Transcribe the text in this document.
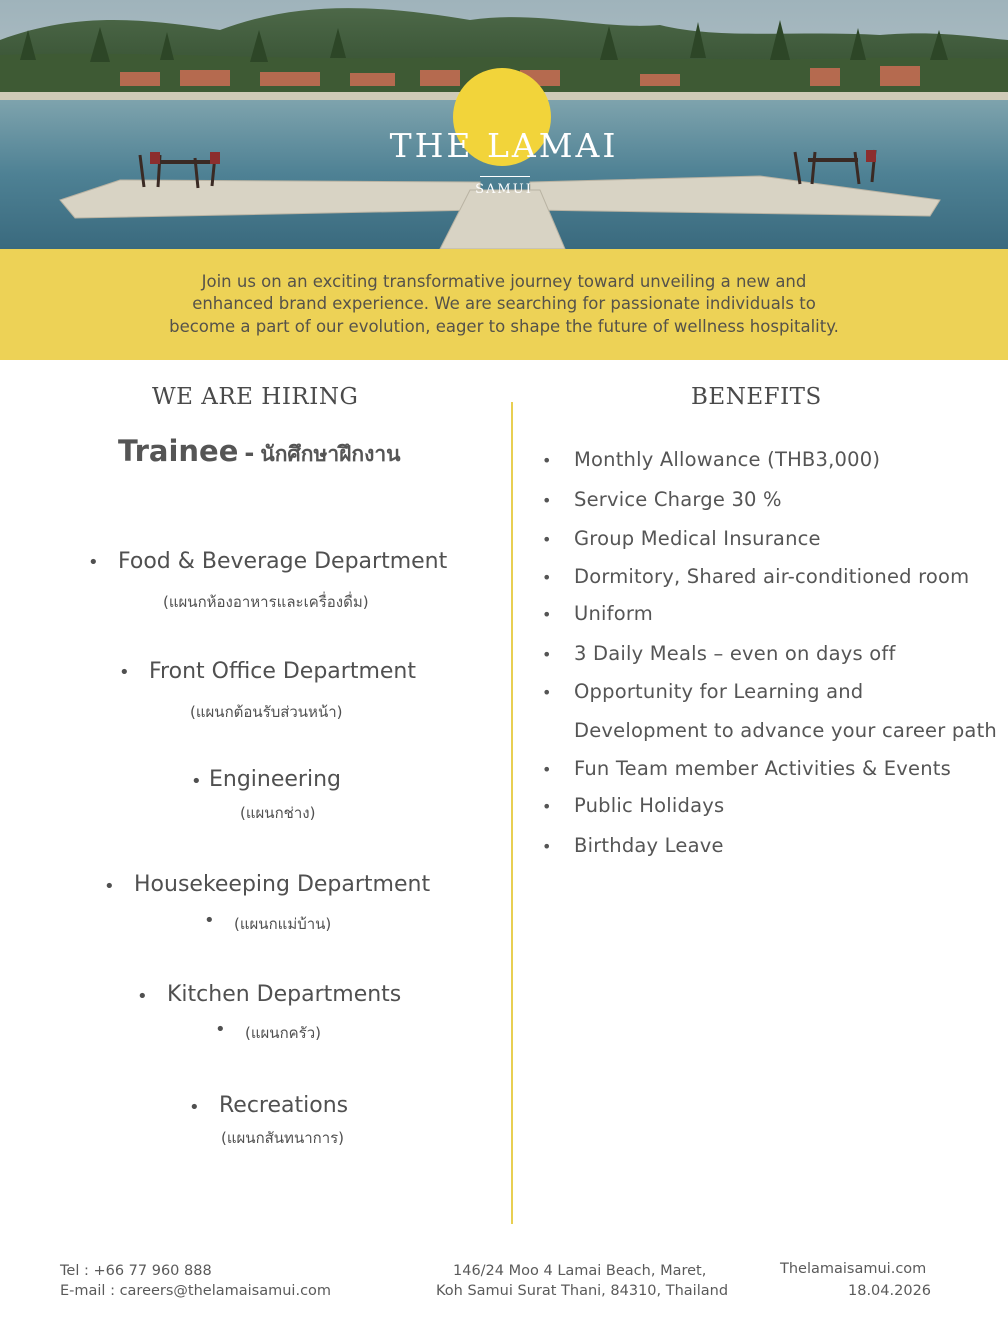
THE LAMAI
SAMUI
Join us on an exciting transformative journey toward unveiling a new and
enhanced brand experience. We are searching for passionate individuals to
become a part of our evolution, eager to shape the future of wellness hospitality.
WE ARE HIRING
Trainee - นักศึกษาฝึกงาน
• Food & Beverage Department
(แผนกห้องอาหารและเครื่องดื่ม)
• Front Office Department
(แผนกต้อนรับส่วนหน้า)
• Engineering
(แผนกช่าง)
• Housekeeping Department
• (แผนกแม่บ้าน)
• Kitchen Departments
• (แผนกครัว)
• Recreations
(แผนกสันทนาการ)
BENEFITS
• Monthly Allowance (THB3,000)
• Service Charge 30 %
• Group Medical Insurance
• Dormitory, Shared air-conditioned room
• Uniform
• 3 Daily Meals – even on days off
• Opportunity for Learning and
Development to advance your career path
• Fun Team member Activities & Events
• Public Holidays
• Birthday Leave
Tel : +66 77 960 888
E-mail : careers@thelamaisamui.com
146/24 Moo 4 Lamai Beach, Maret,
Koh Samui Surat Thani, 84310, Thailand
Thelamaisamui.com
18.04.2026
